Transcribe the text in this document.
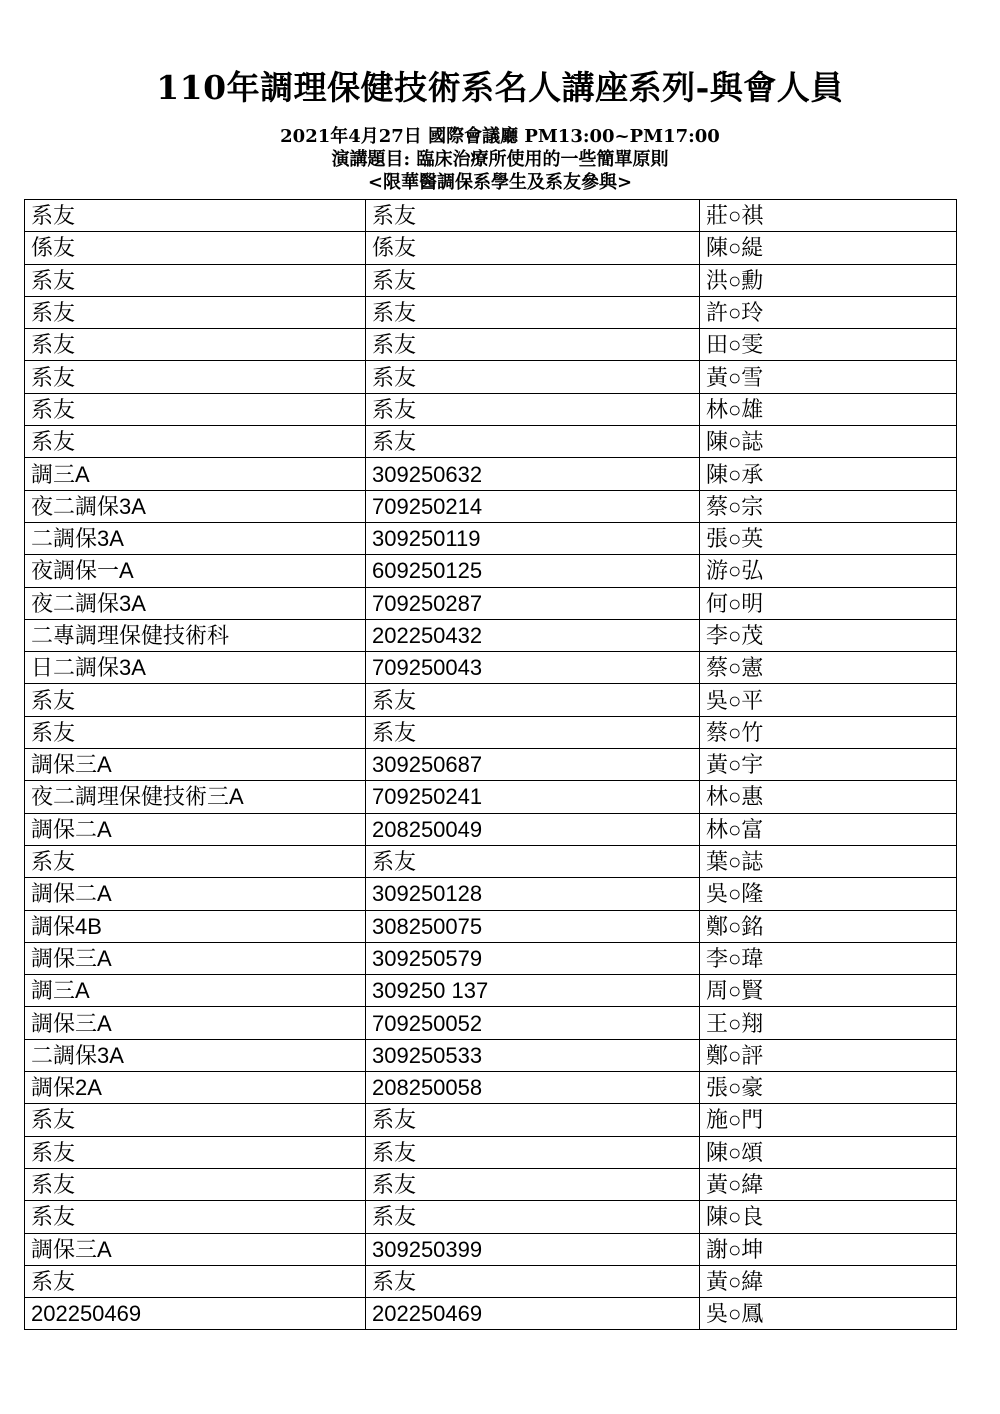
110年調理保健技術系名人講座系列-與會人員
2021年4月27日 國際會議廳 PM13:00~PM17:00
演講題目: 臨床治療所使用的一些簡單原則
<限華醫調保系學生及系友參與>
系友	系友	莊○祺
係友	係友	陳○緹
系友	系友	洪○勳
系友	系友	許○玲
系友	系友	田○雯
系友	系友	黃○雪
系友	系友	林○雄
系友	系友	陳○誌
調三A	309250632	陳○承
夜二調保3A	709250214	蔡○宗
二調保3A	309250119	張○英
夜調保一A	609250125	游○弘
夜二調保3A	709250287	何○明
二專調理保健技術科	202250432	李○茂
日二調保3A	709250043	蔡○憲
系友	系友	吳○平
系友	系友	蔡○竹
調保三A	309250687	黃○宇
夜二調理保健技術三A	709250241	林○惠
調保二A	208250049	林○富
系友	系友	葉○誌
調保二A	309250128	吳○隆
調保4B	308250075	鄭○銘
調保三A	309250579	李○瑋
調三A	309250 137	周○賢
調保三A	709250052	王○翔
二調保3A	309250533	鄭○評
調保2A	208250058	張○豪
系友	系友	施○門
系友	系友	陳○頌
系友	系友	黃○緯
系友	系友	陳○良
調保三A	309250399	謝○坤
系友	系友	黃○緯
202250469	202250469	吳○鳳
